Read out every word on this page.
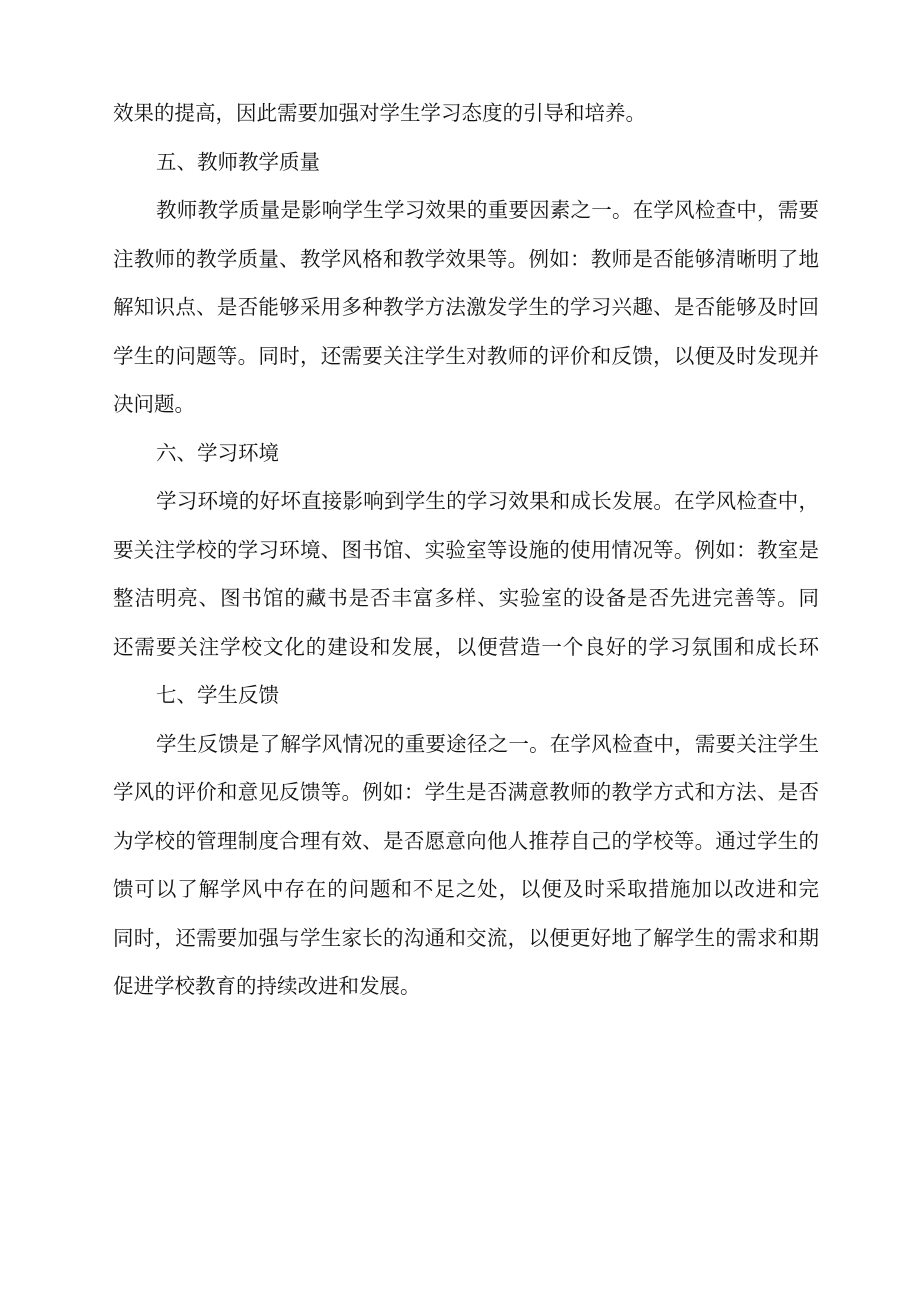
效果的提高，因此需要加强对学生学习态度的引导和培养。
五、教师教学质量
教师教学质量是影响学生学习效果的重要因素之一。在学风检查中，需要
注教师的教学质量、教学风格和教学效果等。例如：教师是否能够清晰明了地
解知识点、是否能够采用多种教学方法激发学生的学习兴趣、是否能够及时回
学生的问题等。同时，还需要关注学生对教师的评价和反馈，以便及时发现并
决问题。
六、学习环境
学习环境的好坏直接影响到学生的学习效果和成长发展。在学风检查中，
要关注学校的学习环境、图书馆、实验室等设施的使用情况等。例如：教室是
整洁明亮、图书馆的藏书是否丰富多样、实验室的设备是否先进完善等。同
还需要关注学校文化的建设和发展，以便营造一个良好的学习氛围和成长环
七、学生反馈
学生反馈是了解学风情况的重要途径之一。在学风检查中，需要关注学生
学风的评价和意见反馈等。例如：学生是否满意教师的教学方式和方法、是否
为学校的管理制度合理有效、是否愿意向他人推荐自己的学校等。通过学生的
馈可以了解学风中存在的问题和不足之处，以便及时采取措施加以改进和完
同时，还需要加强与学生家长的沟通和交流，以便更好地了解学生的需求和期
促进学校教育的持续改进和发展。
